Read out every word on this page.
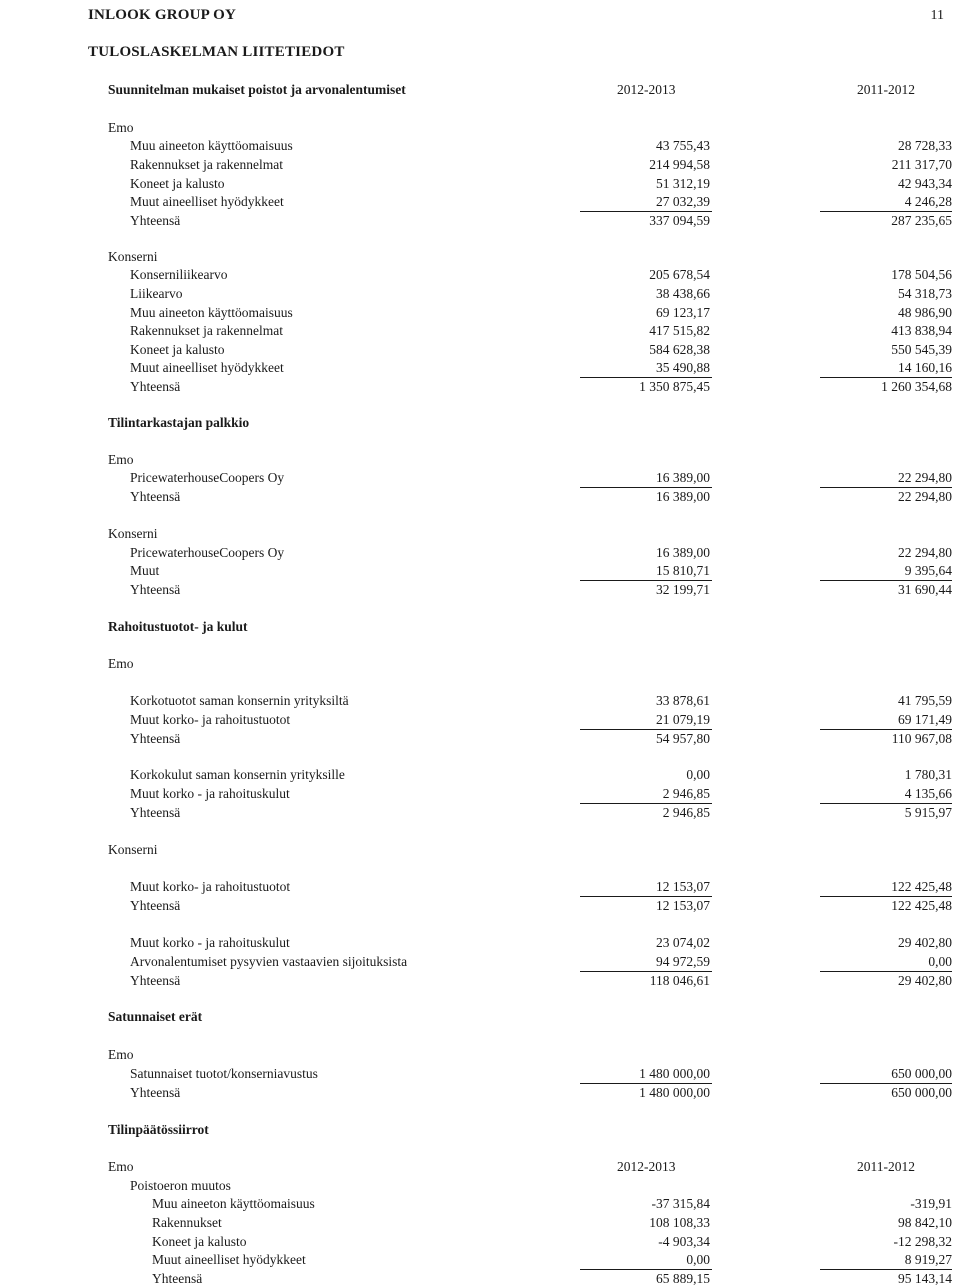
INLOOK GROUP OY	11
TULOSLASKELMAN LIITETIEDOT
Suunnitelman mukaiset poistot ja arvonalentumiset	2012-2013	2011-2012
Emo
Muu aineeton käyttöomaisuus	43 755,43	28 728,33
Rakennukset ja rakennelmat	214 994,58	211 317,70
Koneet ja kalusto	51 312,19	42 943,34
Muut aineelliset hyödykkeet	27 032,39	4 246,28
Yhteensä	337 094,59	287 235,65
Konserni
Konserniliikearvo	205 678,54	178 504,56
Liikearvo	38 438,66	54 318,73
Muu aineeton käyttöomaisuus	69 123,17	48 986,90
Rakennukset ja rakennelmat	417 515,82	413 838,94
Koneet ja kalusto	584 628,38	550 545,39
Muut aineelliset hyödykkeet	35 490,88	14 160,16
Yhteensä	1 350 875,45	1 260 354,68
Tilintarkastajan palkkio
Emo
PricewaterhouseCoopers Oy	16 389,00	22 294,80
Yhteensä	16 389,00	22 294,80
Konserni
PricewaterhouseCoopers Oy	16 389,00	22 294,80
Muut	15 810,71	9 395,64
Yhteensä	32 199,71	31 690,44
Rahoitustuotot- ja kulut
Emo
Korkotuotot saman konsernin yrityksiltä	33 878,61	41 795,59
Muut korko- ja rahoitustuotot	21 079,19	69 171,49
Yhteensä	54 957,80	110 967,08
Korkokulut saman konsernin yrityksille	0,00	1 780,31
Muut korko - ja rahoituskulut	2 946,85	4 135,66
Yhteensä	2 946,85	5 915,97
Konserni
Muut korko- ja rahoitustuotot	12 153,07	122 425,48
Yhteensä	12 153,07	122 425,48
Muut korko - ja rahoituskulut	23 074,02	29 402,80
Arvonalentumiset pysyvien vastaavien sijoituksista	94 972,59	0,00
Yhteensä	118 046,61	29 402,80
Satunnaiset erät
Emo
Satunnaiset tuotot/konserniavustus	1 480 000,00	650 000,00
Yhteensä	1 480 000,00	650 000,00
Tilinpäätössiirrot
Emo	2012-2013	2011-2012
Poistoeron muutos
Muu aineeton käyttöomaisuus	-37 315,84	-319,91
Rakennukset	108 108,33	98 842,10
Koneet ja kalusto	-4 903,34	-12 298,32
Muut aineelliset hyödykkeet	0,00	8 919,27
Yhteensä	65 889,15	95 143,14
